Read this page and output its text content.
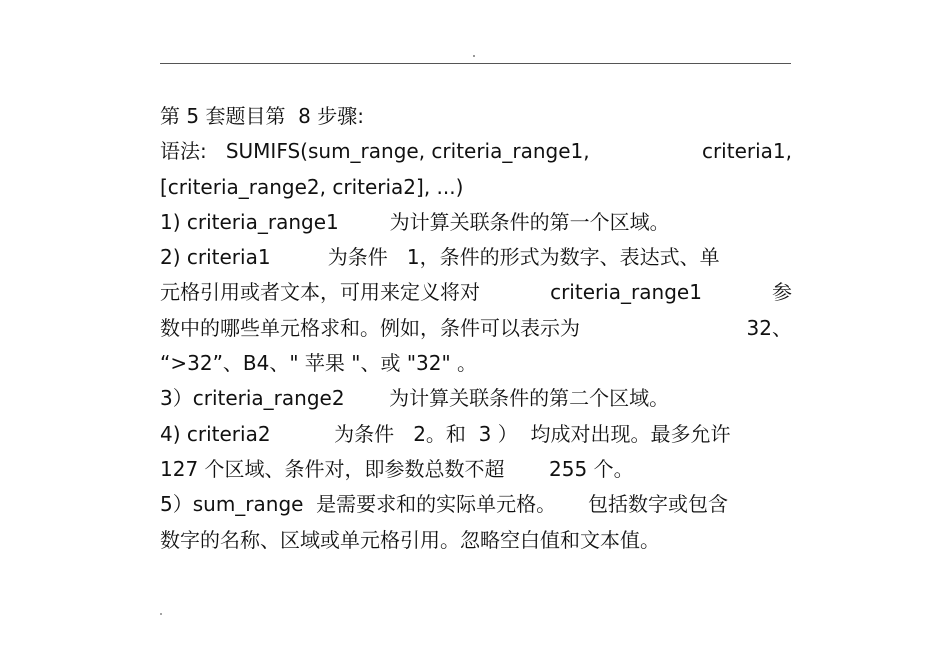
第 5 套题目第  8 步骤:
语法: SUMIFS(sum_range, criteria_range1,	criteria1,
[criteria_range2, criteria2], ...)
1) criteria_range1	为计算关联条件的第一个区域。
2) criteria1         为条件   1，条件的形式为数字、表达式、单
元格引用或者文本，可用来定义将对	criteria_range1	参
数中的哪些单元格求和。例如，条件可以表示为	32、
“>32”、B4、" 苹果 "、或 "32" 。
3）criteria_range2 为计算关联条件的第二个区域。
4) criteria2          为条件   2。和  3 ）  均成对出现。最多允许
127 个区域、条件对，即参数总数不超       255 个。
5）sum_range  是需要求和的实际单元格。     包括数字或包含
数字的名称、区域或单元格引用。忽略空白值和文本值。
